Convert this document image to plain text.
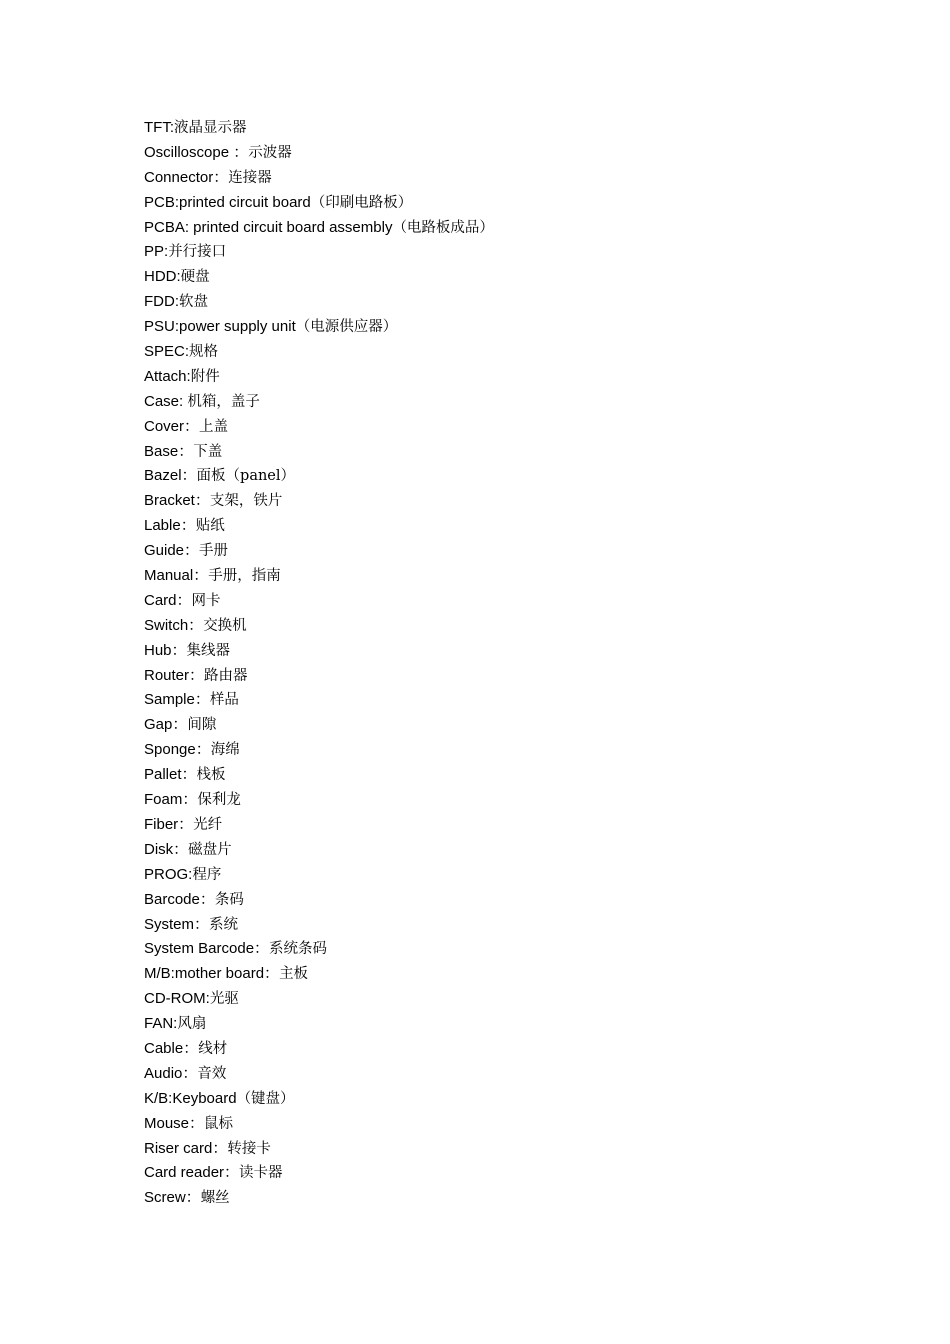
TFT:液晶显示器
Oscilloscope ：示波器
Connector：连接器
PCB:printed circuit board（印刷电路板）
PCBA: printed circuit board assembly（电路板成品）
PP:并行接口
HDD:硬盘
FDD:软盘
PSU:power supply unit（电源供应器）
SPEC:规格
Attach:附件
Case: 机箱，盖子
Cover：上盖
Base：下盖
Bazel：面板（panel）
Bracket：支架，铁片
Lable：贴纸
Guide：手册
Manual：手册，指南
Card：网卡
Switch：交换机
Hub：集线器
Router：路由器
Sample：样品
Gap：间隙
Sponge：海绵
Pallet：栈板
Foam：保利龙
Fiber：光纤
Disk：磁盘片
PROG:程序
Barcode：条码
System：系统
System Barcode：系统条码
M/B:mother board：主板
CD-ROM:光驱
FAN:风扇
Cable：线材
Audio：音效
K/B:Keyboard（键盘）
Mouse：鼠标
Riser card：转接卡
Card reader：读卡器
Screw：螺丝
